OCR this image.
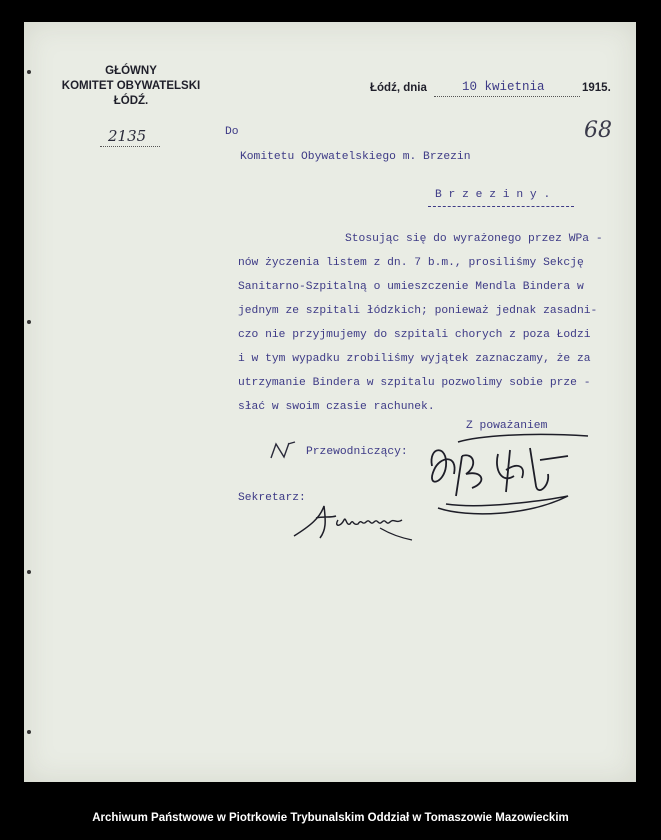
GŁÓWNY
KOMITET OBYWATELSKI
ŁÓDŹ.
2135
Łódź, dnia	10 kwietnia	1915.
68
Do
Komitetu Obywatelskiego m. Brzezin
B r z e z i n y .
Stosując się do wyrażonego przez WPa -
nów życzenia listem z dn. 7 b.m., prosiliśmy Sekcję
Sanitarno-Szpitalną o umieszczenie Mendla Bindera w
jednym ze szpitali łódzkich; ponieważ jednak zasadni-
czo nie przyjmujemy do szpitali chorych z poza Łodzi
i w tym wypadku zrobiliśmy wyjątek zaznaczamy, że za
utrzymanie Bindera w szpitalu pozwolimy sobie prze -
słać w swoim czasie rachunek.
Z poważaniem
Przewodniczący:
Sekretarz:
Archiwum Państwowe w Piotrkowie Trybunalskim Oddział w Tomaszowie Mazowieckim
